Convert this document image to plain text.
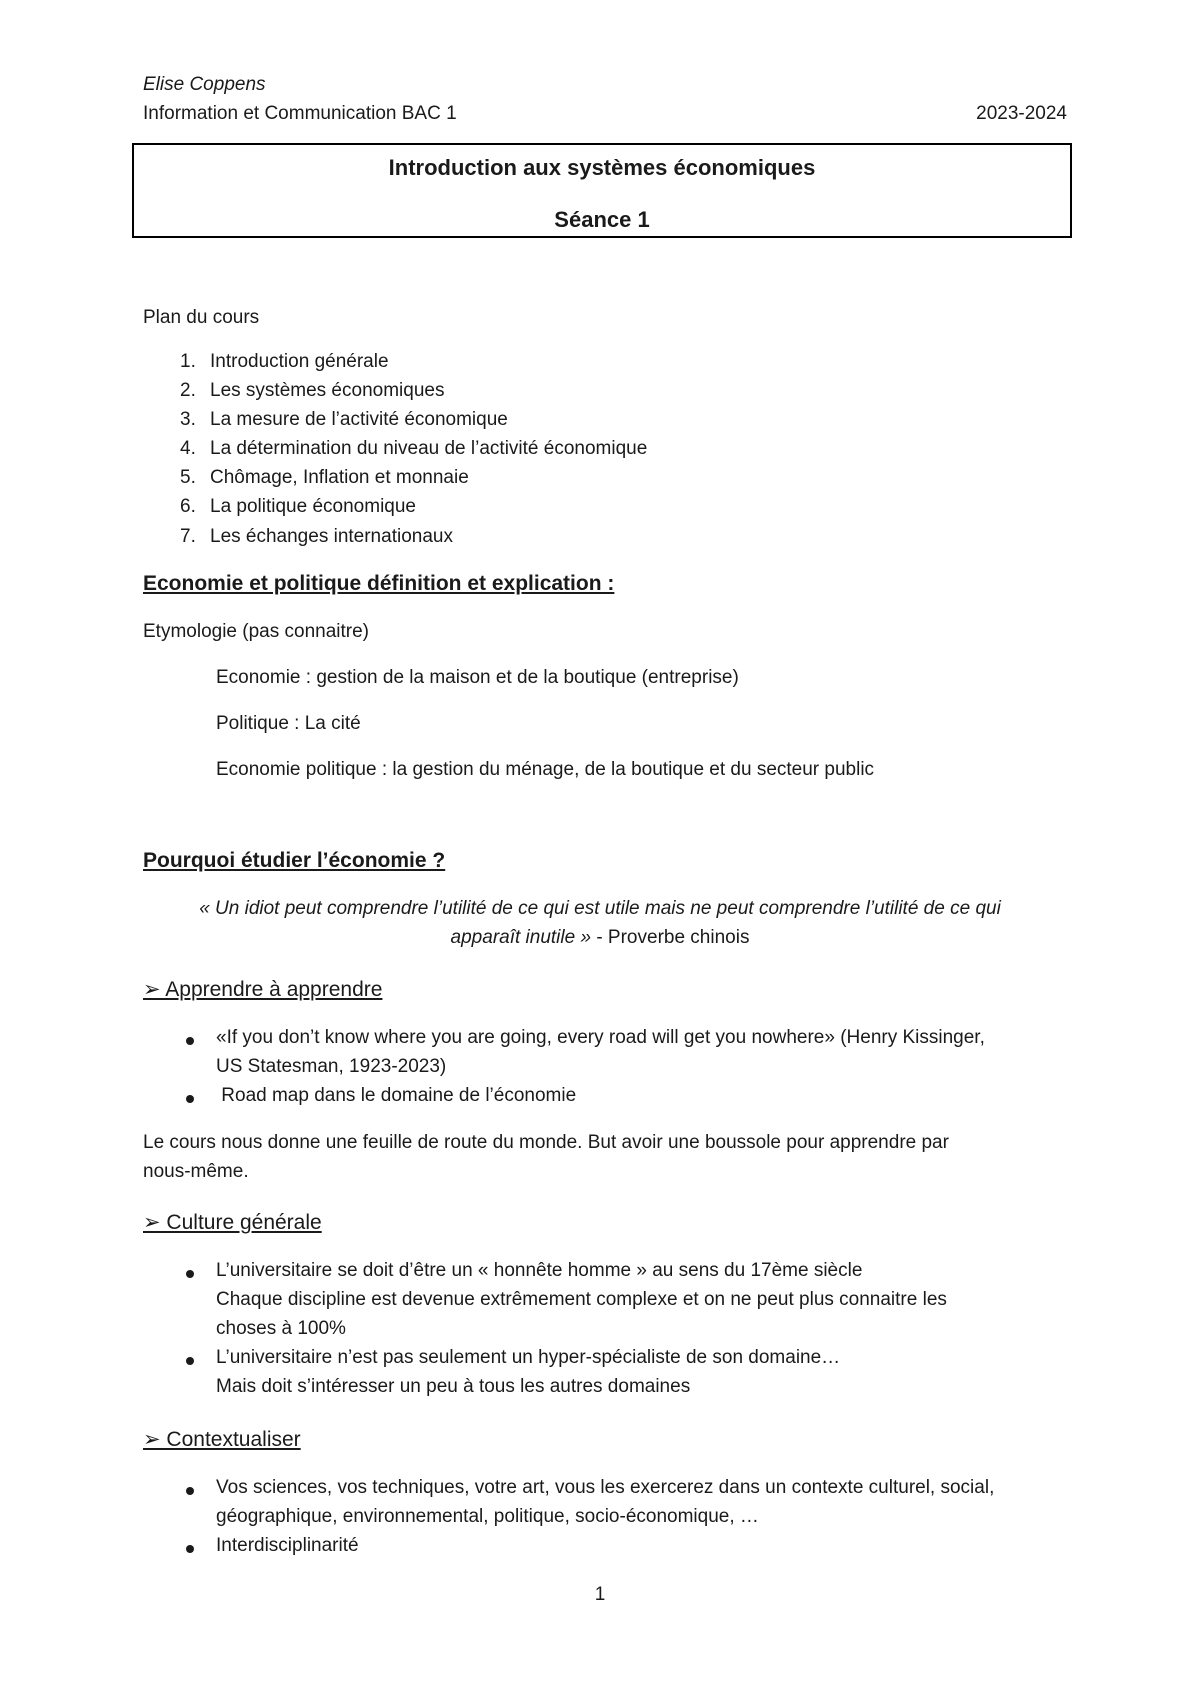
Elise Coppens
Information et Communication BAC 1	2023-2024
Introduction aux systèmes économiques
Séance 1
Plan du cours
1. Introduction générale
2. Les systèmes économiques
3. La mesure de l’activité économique
4. La détermination du niveau de l’activité économique
5. Chômage, Inflation et monnaie
6. La politique économique
7. Les échanges internationaux
Economie et politique définition et explication :
Etymologie (pas connaitre)
Economie : gestion de la maison et de la boutique (entreprise)
Politique : La cité
Economie politique : la gestion du ménage, de la boutique et du secteur public
Pourquoi étudier l’économie ?
« Un idiot peut comprendre l’utilité de ce qui est utile mais ne peut comprendre l’utilité de ce qui
apparaît inutile » - Proverbe chinois
➢ Apprendre à apprendre
«If you don’t know where you are going, every road will get you nowhere» (Henry Kissinger,
US Statesman, 1923-2023)
Road map dans le domaine de l’économie
Le cours nous donne une feuille de route du monde. But avoir une boussole pour apprendre par
nous-même.
➢ Culture générale
L’universitaire se doit d’être un « honnête homme » au sens du 17ème siècle
Chaque discipline est devenue extrêmement complexe et on ne peut plus connaitre les
choses à 100%
L’universitaire n’est pas seulement un hyper-spécialiste de son domaine…
Mais doit s’intéresser un peu à tous les autres domaines
➢ Contextualiser
Vos sciences, vos techniques, votre art, vous les exercerez dans un contexte culturel, social,
géographique, environnemental, politique, socio-économique, …
Interdisciplinarité
1
